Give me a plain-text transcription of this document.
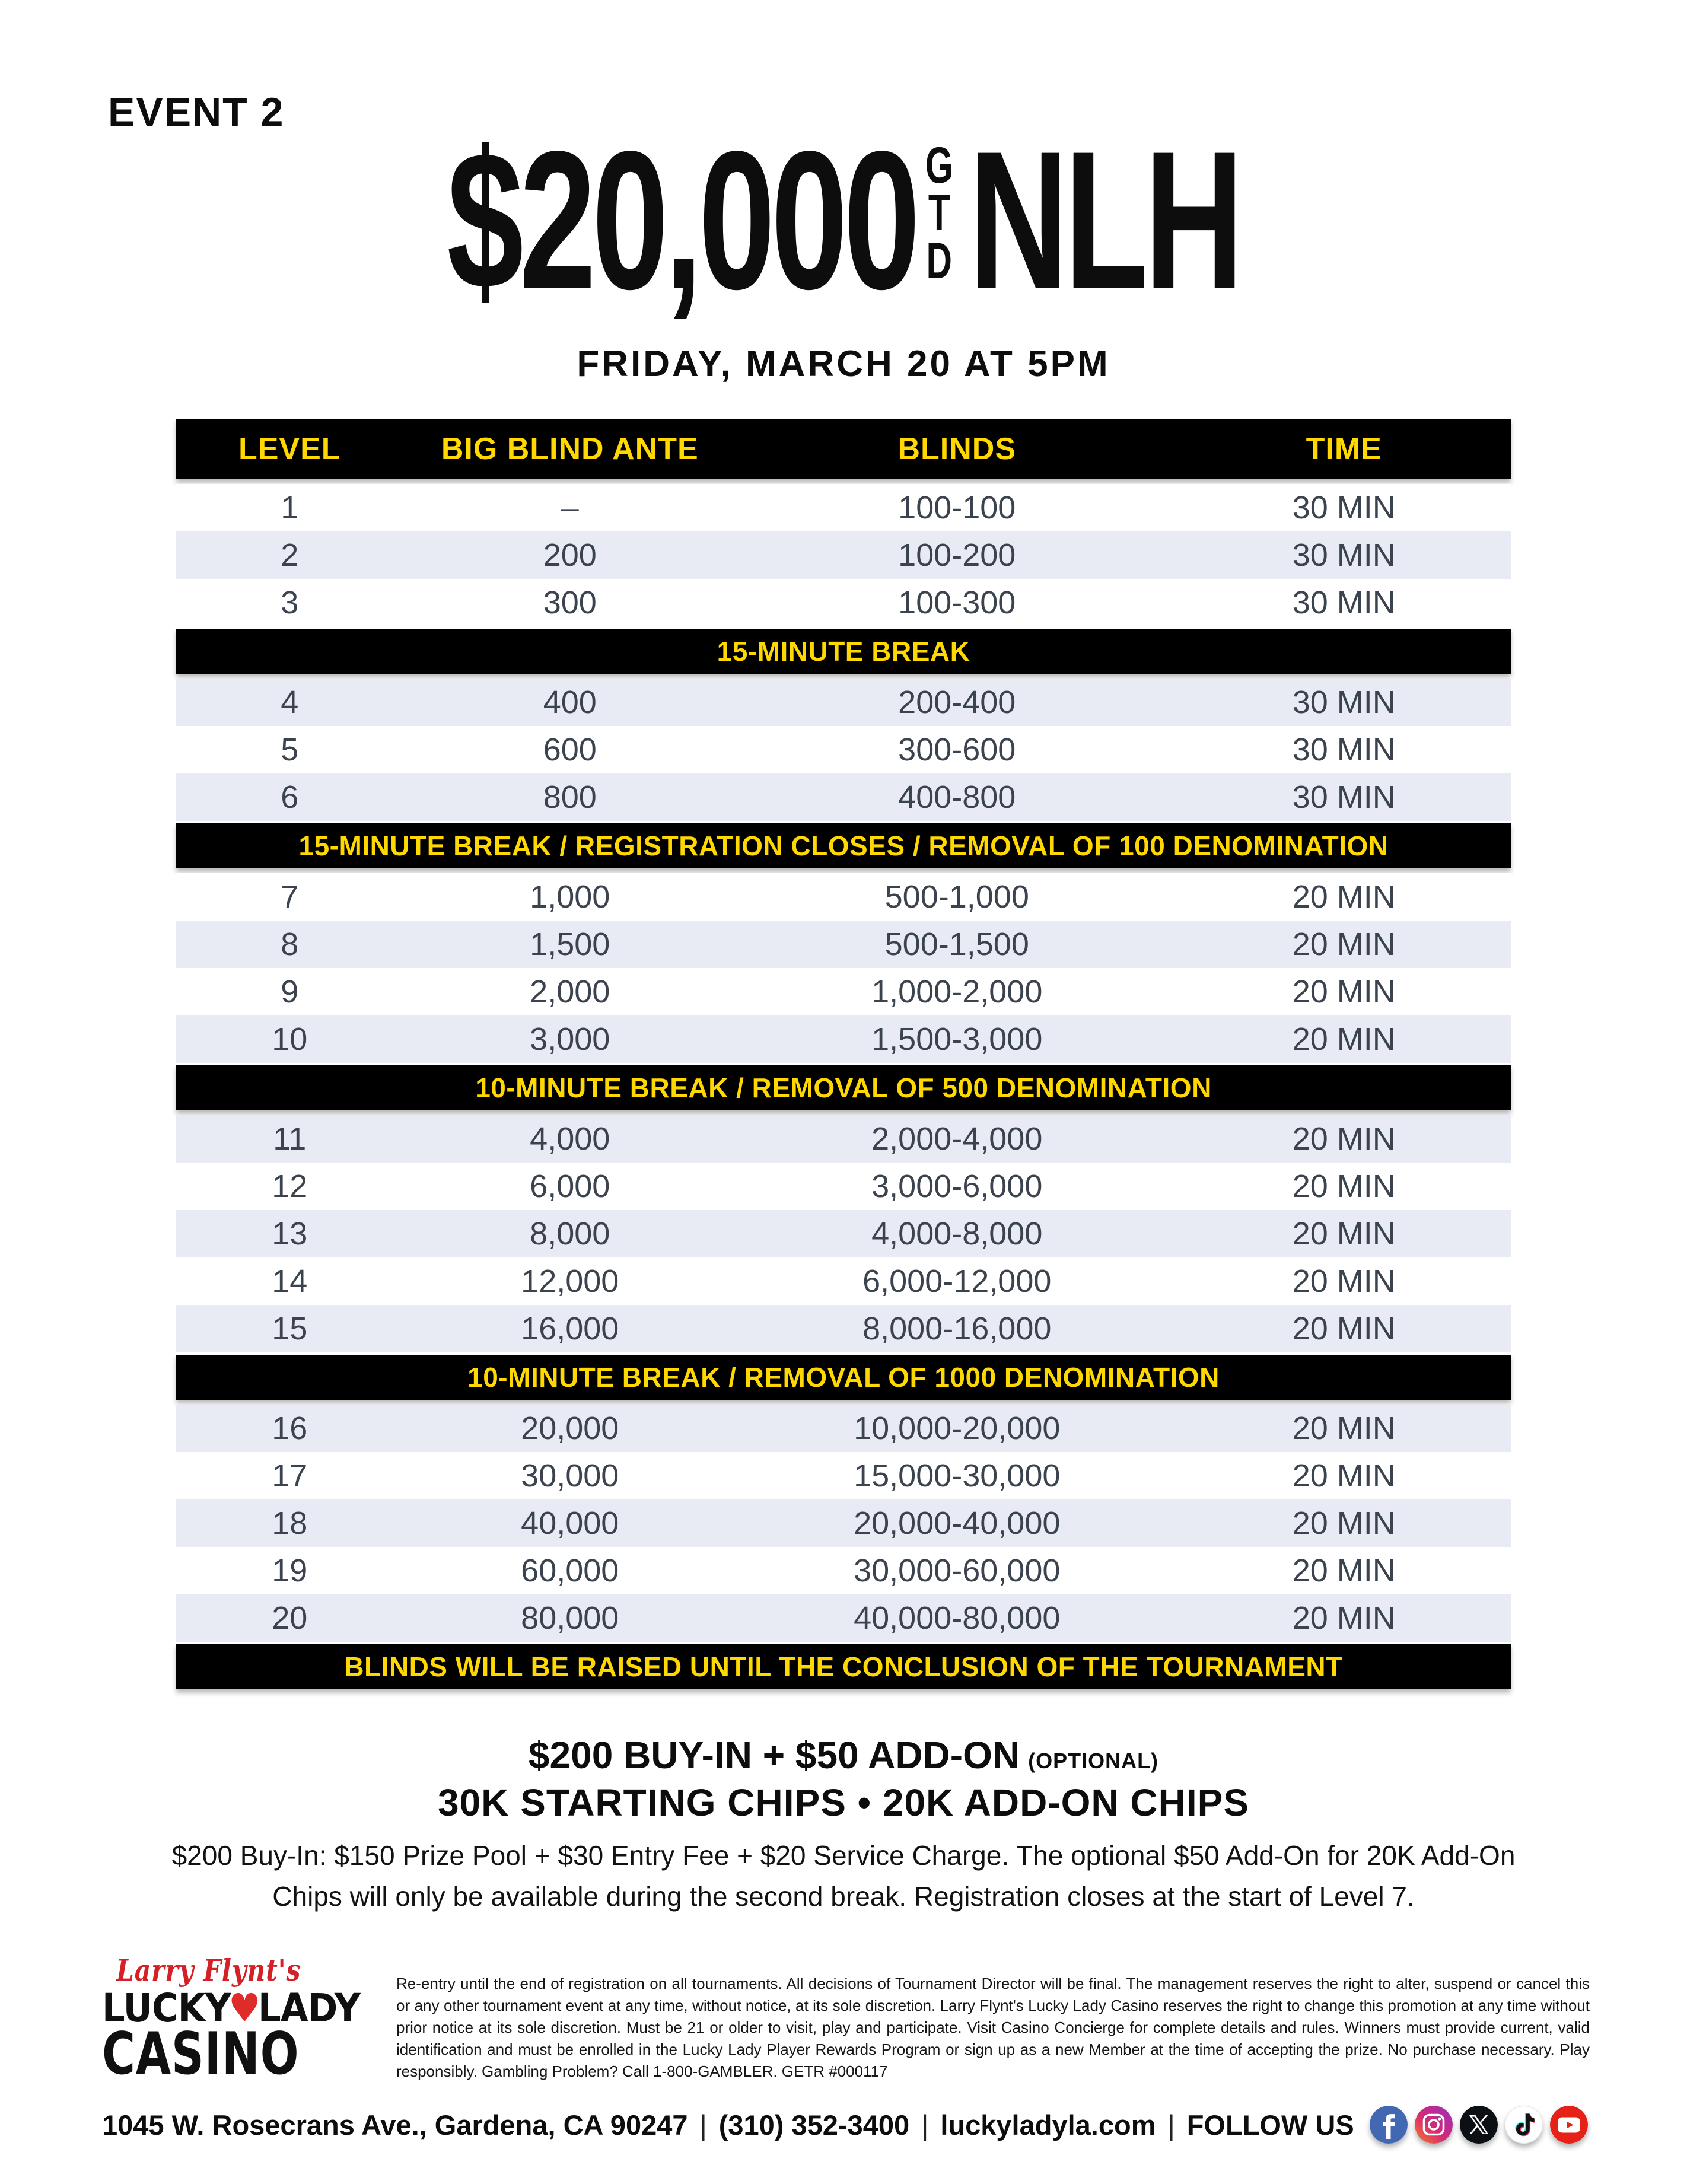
EVENT 2 $20,000 G
T
D NLH
FRIDAY, MARCH 20 AT 5PM
LEVEL	BIG BLIND ANTE	BLINDS	TIME
1	–	100-100	30 MIN
2	200	100-200	30 MIN
3	300	100-300	30 MIN
15-MINUTE BREAK
4	400	200-400	30 MIN
5	600	300-600	30 MIN
6	800	400-800	30 MIN
15-MINUTE BREAK / REGISTRATION CLOSES / REMOVAL OF 100 DENOMINATION
7	1,000	500-1,000	20 MIN
8	1,500	500-1,500	20 MIN
9	2,000	1,000-2,000	20 MIN
10	3,000	1,500-3,000	20 MIN
10-MINUTE BREAK / REMOVAL OF 500 DENOMINATION
11	4,000	2,000-4,000	20 MIN
12	6,000	3,000-6,000	20 MIN
13	8,000	4,000-8,000	20 MIN
14	12,000	6,000-12,000	20 MIN
15	16,000	8,000-16,000	20 MIN
10-MINUTE BREAK / REMOVAL OF 1000 DENOMINATION
16	20,000	10,000-20,000	20 MIN
17	30,000	15,000-30,000	20 MIN
18	40,000	20,000-40,000	20 MIN
19	60,000	30,000-60,000	20 MIN
20	80,000	40,000-80,000	20 MIN
BLINDS WILL BE RAISED UNTIL THE CONCLUSION OF THE TOURNAMENT
$200 BUY-IN + $50 ADD-ON (OPTIONAL)
30K STARTING CHIPS • 20K ADD-ON CHIPS
$200 Buy-In: $150 Prize Pool + $30 Entry Fee + $20 Service Charge. The optional $50 Add-On for 20K Add-On Chips will only be available during the second break. Registration closes at the start of Level 7.
Larry Flynt's
LUCKY♥LADY
CASINO
Re-entry until the end of registration on all tournaments. All decisions of Tournament Director will be final. The management reserves the right to alter, suspend or cancel this or any other tournament event at any time, without notice, at its sole discretion. Larry Flynt's Lucky Lady Casino reserves the right to change this promotion at any time without prior notice at its sole discretion. Must be 21 or older to visit, play and participate. Visit Casino Concierge for complete details and rules. Winners must provide current, valid identification and must be enrolled in the Lucky Lady Player Rewards Program or sign up as a new Member at the time of accepting the prize. No purchase necessary. Play responsibly. Gambling Problem? Call 1-800-GAMBLER. GETR #000117
1045 W. Rosecrans Ave., Gardena, CA 90247 | (310) 352-3400 | luckyladyla.com | FOLLOW US
